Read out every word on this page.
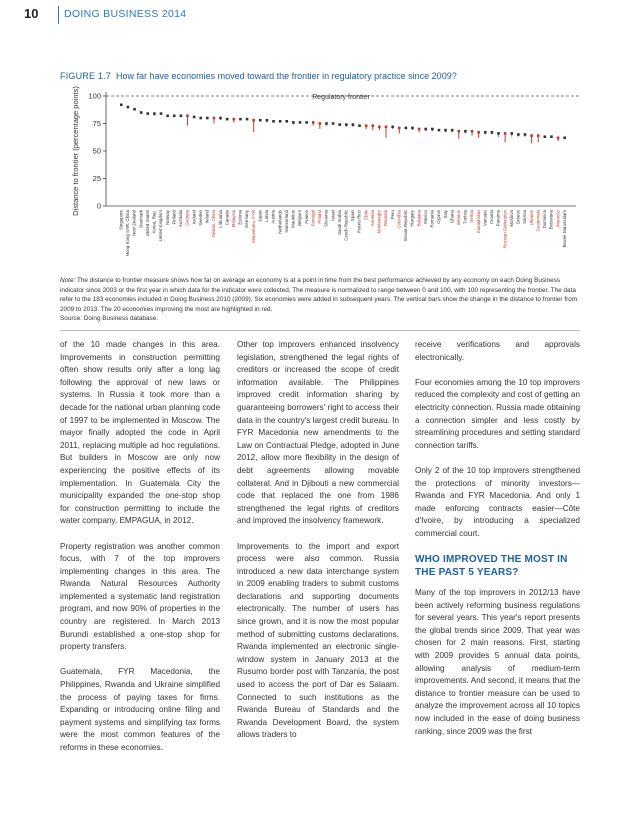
10 DOING BUSINESS 2014
FIGURE 1.7 How far have economies moved toward the frontier in regulatory practice since 2009?
0
25
50
75
100
Distance to frontier (percentage points)	Regulatory frontier
Singapore Hong Kong SAR, China New Zealand Denmark United States Korea, Rep. United Kingdom Norway Finland Australia Georgia Iceland Sweden Ireland Taiwan, China Lithuania Canada Malaysia Estonia Germany Macedonia, FYR Japan Latvia Austria Netherlands Switzerland Mauritius Belgium France Portugal Poland Slovenia Israel Saudi Arabia Czech Republic Spain Puerto Rico Chile Armenia Montenegro Rwanda Peru Colombia Slovak Republic Hungary Bulgaria Mexico Romania Cyprus Italy Ghana Belarus Tunisia Serbia Kazakhstan Vanuatu Croatia Panama Russian Federation Moldova Greece Samoa Ukraine Guatemala Dominica Botswana Morocco Brunei Darussalam
Note: The distance to frontier measure shows how far on average an economy is at a point in time from the best performance achieved by any economy on each Doing Business indicator since 2003 or the first year in which data for the indicator were collected. The measure is normalized to range between 0 and 100, with 100 representing the frontier. The data refer to the 183 economies included in Doing Business 2010 (2009). Six economies were added in subsequent years. The vertical bars show the change in the distance to frontier from 2009 to 2013. The 20 economies improving the most are highlighted in red.
Source: Doing Business database.

of the 10 made changes in this area. Improvements in construction permitting often show results only after a long lag following the approval of new laws or systems. In Russia it took more than a decade for the national urban planning code of 1997 to be implemented in Moscow. The mayor finally adopted the code in April 2011, replacing multiple ad hoc regulations. But builders in Moscow are only now experiencing the positive effects of its implementation. In Guatemala City the municipality expanded the one-stop shop for construction permitting to include the water company, EMPAGUA, in 2012.

Property registration was another common focus, with 7 of the top improvers implementing changes in this area. The Rwanda Natural Resources Authority implemented a systematic land registration program, and now 90% of properties in the country are registered. In March 2013 Burundi established a one-stop shop for property transfers.

Guatemala, FYR Macedonia, the Philippines, Rwanda and Ukraine simplified the process of paying taxes for firms. Expanding or introducing online filing and payment systems and simplifying tax forms were the most common features of the reforms in these economies.

Other top improvers enhanced insolvency legislation, strengthened the legal rights of creditors or increased the scope of credit information available. The Philippines improved credit information sharing by guaranteeing borrowers' right to access their data in the country's largest credit bureau. In FYR Macedonia new amendments to the Law on Contractual Pledge, adopted in June 2012, allow more flexibility in the design of debt agreements allowing movable collateral. And in Djibouti a new commercial code that replaced the one from 1986 strengthened the legal rights of creditors and improved the insolvency framework.

Improvements to the import and export process were also common. Russia introduced a new data interchange system in 2009 enabling traders to submit customs declarations and supporting documents electronically. The number of users has since grown, and it is now the most popular method of submitting customs declarations. Rwanda implemented an electronic single-window system in January 2013 at the Rusumo border post with Tanzania, the post used to access the port of Dar es Salaam. Connected to such institutions as the Rwanda Bureau of Standards and the Rwanda Development Board, the system allows traders to

receive verifications and approvals electronically.

Four economies among the 10 top improvers reduced the complexity and cost of getting an electricity connection. Russia made obtaining a connection simpler and less costly by streamlining procedures and setting standard connection tariffs.

Only 2 of the 10 top improvers strengthened the protections of minority investors—Rwanda and FYR Macedonia. And only 1 made enforcing contracts easier—Côte d'Ivoire, by introducing a specialized commercial court.

WHO IMPROVED THE MOST IN THE PAST 5 YEARS?

Many of the top improvers in 2012/13 have been actively reforming business regulations for several years. This year's report presents the global trends since 2009. That year was chosen for 2 main reasons. First, starting with 2009 provides 5 annual data points, allowing analysis of medium-term improvements. And second, it means that the distance to frontier measure can be used to analyze the improvement across all 10 topics now included in the ease of doing business ranking, since 2009 was the first
